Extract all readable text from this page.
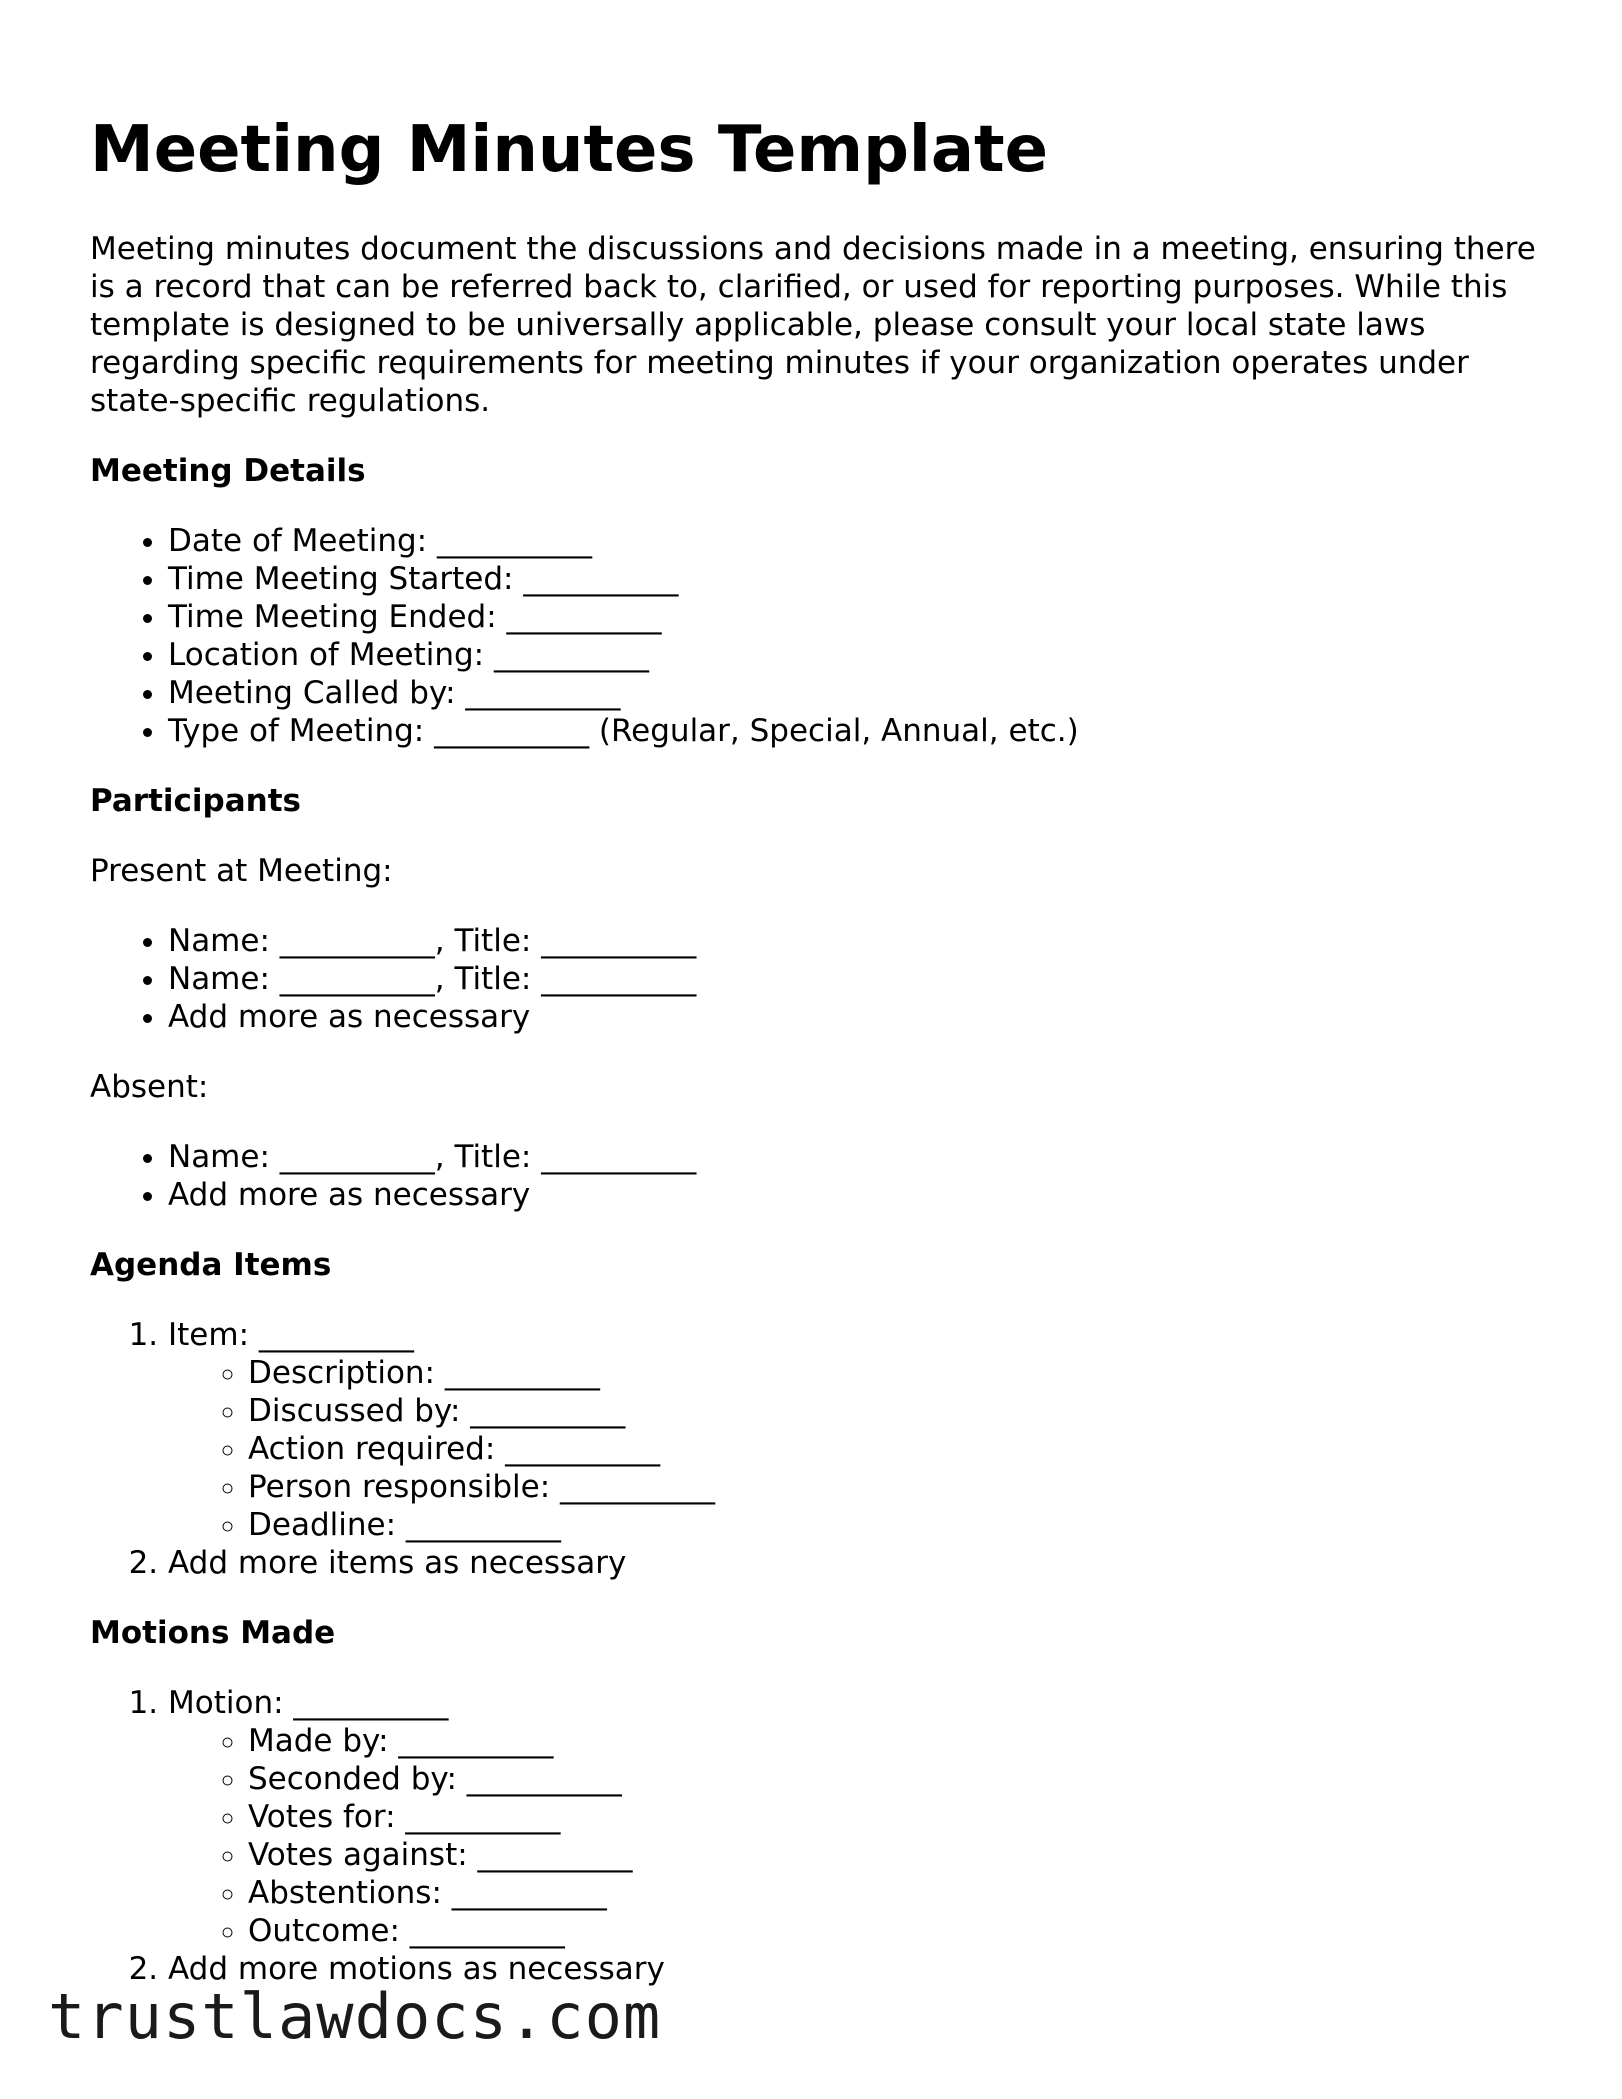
Meeting Minutes Template

Meeting minutes document the discussions and decisions made in a meeting, ensuring there is a record that can be referred back to, clarified, or used for reporting purposes. While this template is designed to be universally applicable, please consult your local state laws regarding specific requirements for meeting minutes if your organization operates under state-specific regulations.

Meeting Details
• Date of Meeting: __________
• Time Meeting Started: __________
• Time Meeting Ended: __________
• Location of Meeting: __________
• Meeting Called by: __________
• Type of Meeting: __________ (Regular, Special, Annual, etc.)
Participants

Present at Meeting:

• Name: __________, Title: __________
• Name: __________, Title: __________
• Add more as necessary

Absent:

• Name: __________, Title: __________
• Add more as necessary
Agenda Items
1. Item: __________
◦ Description: __________
◦ Discussed by: __________
◦ Action required: __________
◦ Person responsible: __________
◦ Deadline: __________
2. Add more items as necessary
Motions Made
1. Motion: __________
◦ Made by: __________
◦ Seconded by: __________
◦ Votes for: __________
◦ Votes against: __________
◦ Abstentions: __________
◦ Outcome: __________
2. Add more motions as necessary
trustlawdocs.com
